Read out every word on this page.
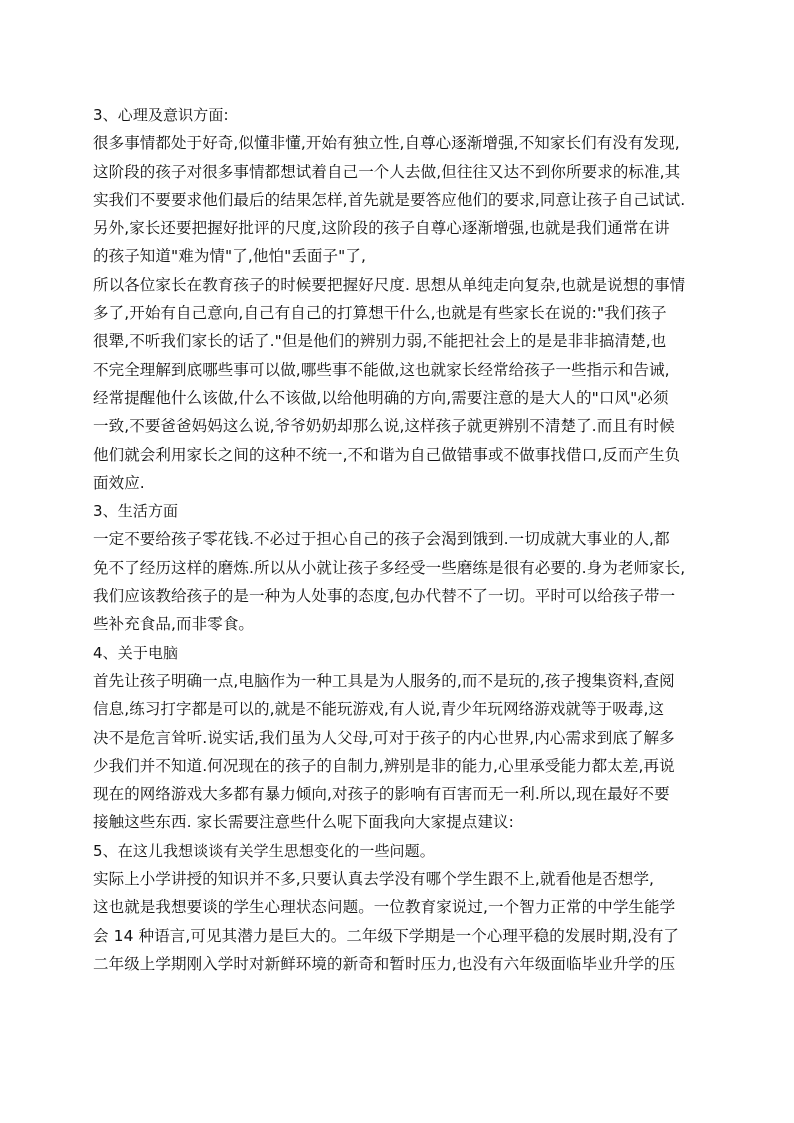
3、心理及意识方面:
很多事情都处于好奇,似懂非懂,开始有独立性,自尊心逐渐增强,不知家长们有没有发现,
这阶段的孩子对很多事情都想试着自己一个人去做,但往往又达不到你所要求的标准,其
实我们不要要求他们最后的结果怎样,首先就是要答应他们的要求,同意让孩子自己试试.
另外,家长还要把握好批评的尺度,这阶段的孩子自尊心逐渐增强,也就是我们通常在讲
的孩子知道"难为情"了,他怕"丢面子"了,
所以各位家长在教育孩子的时候要把握好尺度. 思想从单纯走向复杂,也就是说想的事情
多了,开始有自己意向,自己有自己的打算想干什么,也就是有些家长在说的:"我们孩子
很犟,不听我们家长的话了."但是他们的辨别力弱,不能把社会上的是是非非搞清楚,也
不完全理解到底哪些事可以做,哪些事不能做,这也就家长经常给孩子一些指示和告诫,
经常提醒他什么该做,什么不该做,以给他明确的方向,需要注意的是大人的"口风"必须
一致,不要爸爸妈妈这么说,爷爷奶奶却那么说,这样孩子就更辨别不清楚了.而且有时候
他们就会利用家长之间的这种不统一,不和谐为自己做错事或不做事找借口,反而产生负
面效应.
3、生活方面
一定不要给孩子零花钱.不必过于担心自己的孩子会渴到饿到.一切成就大事业的人,都
免不了经历这样的磨炼.所以从小就让孩子多经受一些磨练是很有必要的.身为老师家长,
我们应该教给孩子的是一种为人处事的态度,包办代替不了一切。平时可以给孩子带一
些补充食品,而非零食。
4、关于电脑
首先让孩子明确一点,电脑作为一种工具是为人服务的,而不是玩的,孩子搜集资料,查阅
信息,练习打字都是可以的,就是不能玩游戏,有人说,青少年玩网络游戏就等于吸毒,这
决不是危言耸听.说实话,我们虽为人父母,可对于孩子的内心世界,内心需求到底了解多
少我们并不知道.何况现在的孩子的自制力,辨别是非的能力,心里承受能力都太差,再说
现在的网络游戏大多都有暴力倾向,对孩子的影响有百害而无一利.所以,现在最好不要
接触这些东西. 家长需要注意些什么呢下面我向大家提点建议:
5、在这儿我想谈谈有关学生思想变化的一些问题。
实际上小学讲授的知识并不多,只要认真去学没有哪个学生跟不上,就看他是否想学,
这也就是我想要谈的学生心理状态问题。一位教育家说过,一个智力正常的中学生能学
会 14 种语言,可见其潜力是巨大的。二年级下学期是一个心理平稳的发展时期,没有了
二年级上学期刚入学时对新鲜环境的新奇和暂时压力,也没有六年级面临毕业升学的压
